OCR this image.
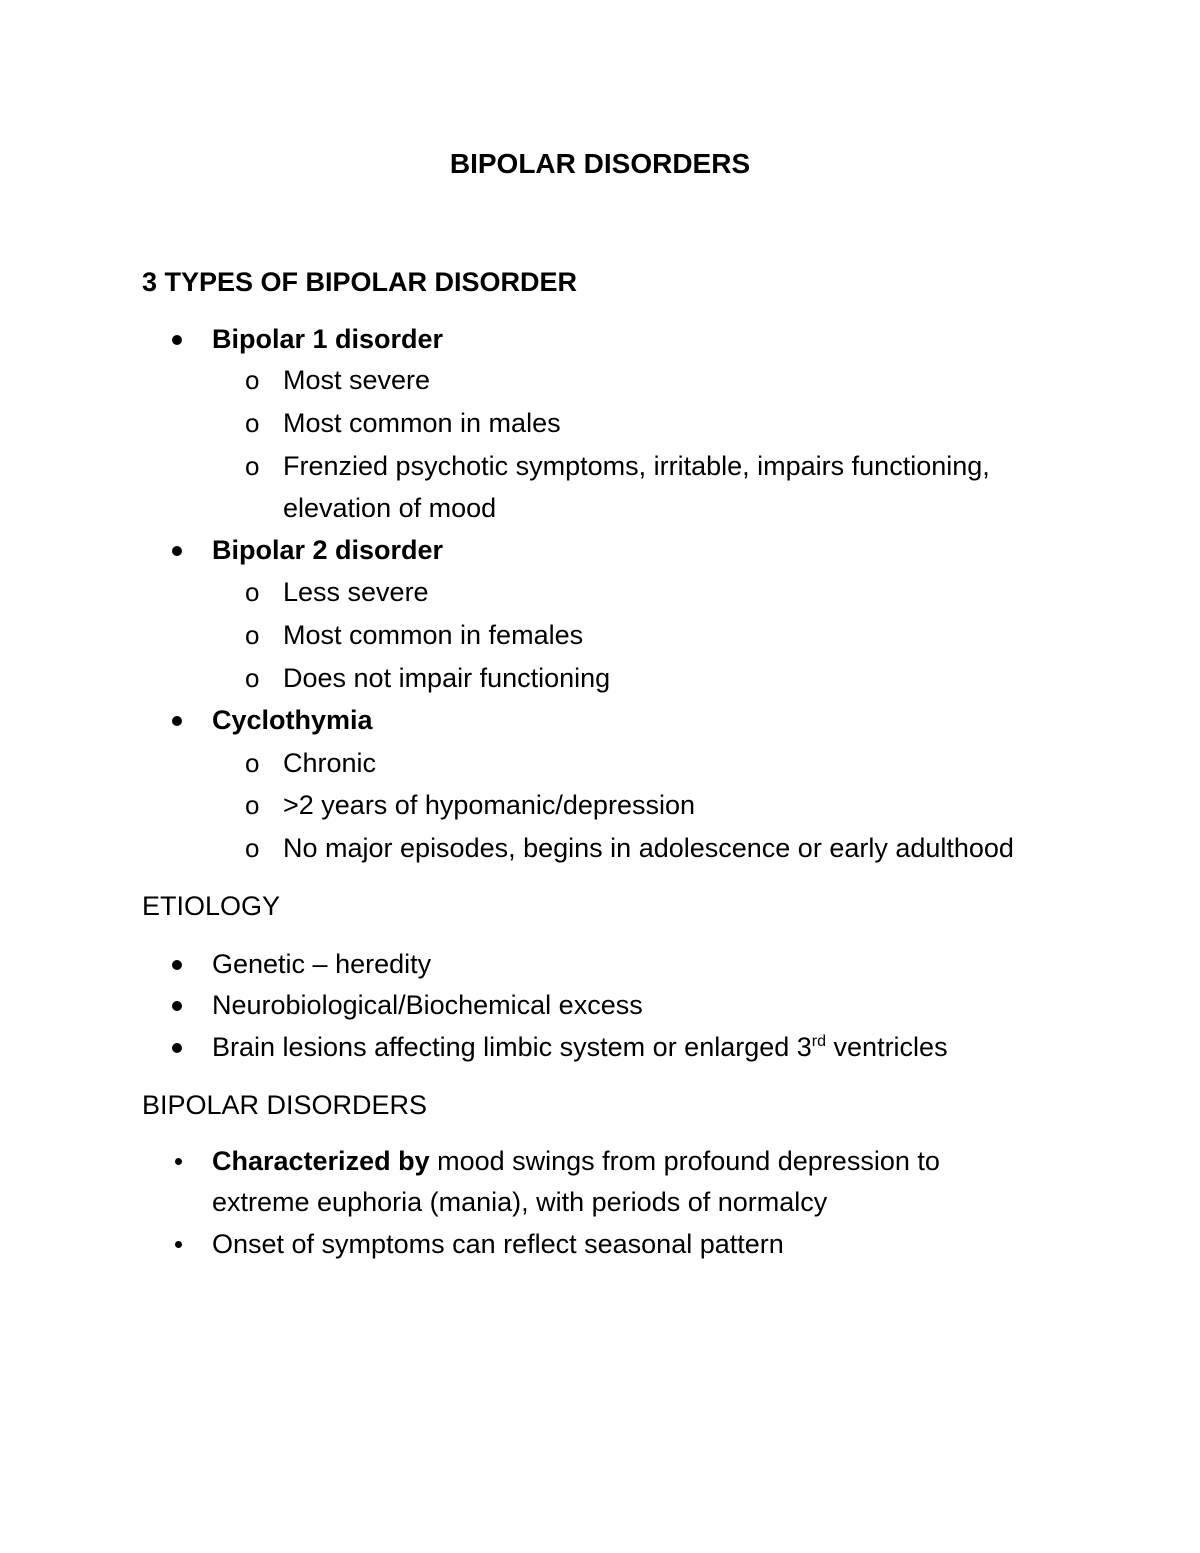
BIPOLAR DISORDERS
3 TYPES OF BIPOLAR DISORDER
Bipolar 1 disorder
o Most severe
o Most common in males
o Frenzied psychotic symptoms, irritable, impairs functioning,
elevation of mood
Bipolar 2 disorder
o Less severe
o Most common in females
o Does not impair functioning
Cyclothymia
o Chronic
o >2 years of hypomanic/depression
o No major episodes, begins in adolescence or early adulthood
ETIOLOGY
Genetic – heredity
Neurobiological/Biochemical excess
Brain lesions affecting limbic system or enlarged 3rd ventricles
BIPOLAR DISORDERS
Characterized by mood swings from profound depression to
extreme euphoria (mania), with periods of normalcy
Onset of symptoms can reflect seasonal pattern
